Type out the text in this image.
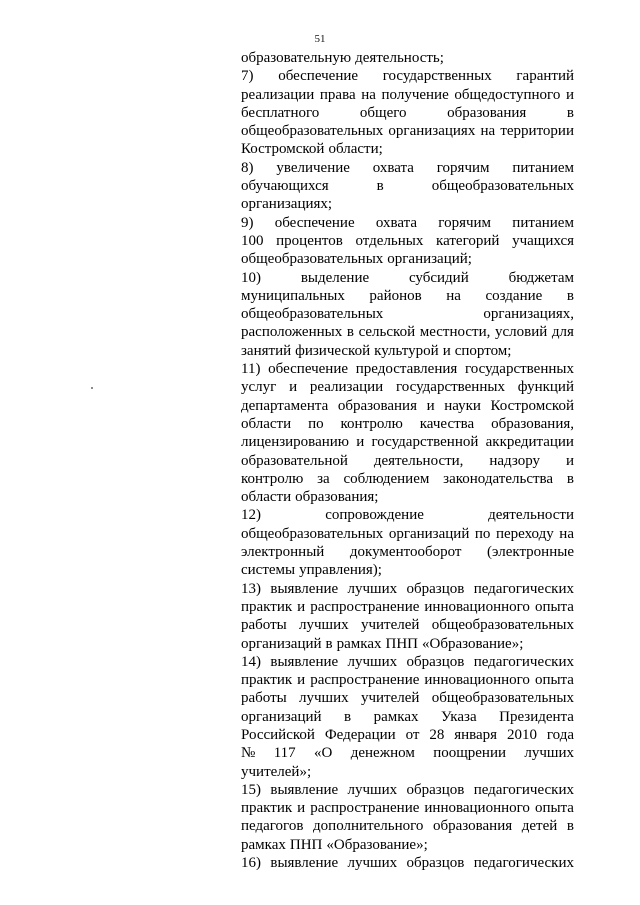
51
образовательную деятельность;
7) обеспечение государственных гарантий
реализации права на получение общедоступного и
бесплатного	общего	образования	в
общеобразовательных организациях на территории
Костромской области;
8) увеличение охвата горячим питанием
обучающихся	в	общеобразовательных
организациях;
9) обеспечение охвата горячим питанием
100 процентов отдельных категорий учащихся
общеобразовательных организаций;
10)	выделение	субсидий	бюджетам
муниципальных районов на создание в
общеобразовательных	организациях,
расположенных в сельской местности, условий для
занятий физической культурой и спортом;
11) обеспечение предоставления государственных
услуг и реализации государственных функций
департамента образования и науки Костромской
области по контролю качества образования,
лицензированию и государственной аккредитации
образовательной деятельности, надзору и
контролю за соблюдением законодательства в
области образования;
12)	сопровождение	деятельности
общеобразовательных организаций по переходу на
электронный документооборот (электронные
системы управления);
13) выявление лучших образцов педагогических
практик и распространение инновационного опыта
работы лучших учителей общеобразовательных
организаций в рамках ПНП «Образование»;
14) выявление лучших образцов педагогических
практик и распространение инновационного опыта
работы лучших учителей общеобразовательных
организаций в рамках Указа Президента
Российской Федерации от 28 января 2010 года
№ 117 «О денежном поощрении лучших
учителей»;
15) выявление лучших образцов педагогических
практик и распространение инновационного опыта
педагогов дополнительного образования детей в
рамках ПНП «Образование»;
16) выявление лучших образцов педагогических
